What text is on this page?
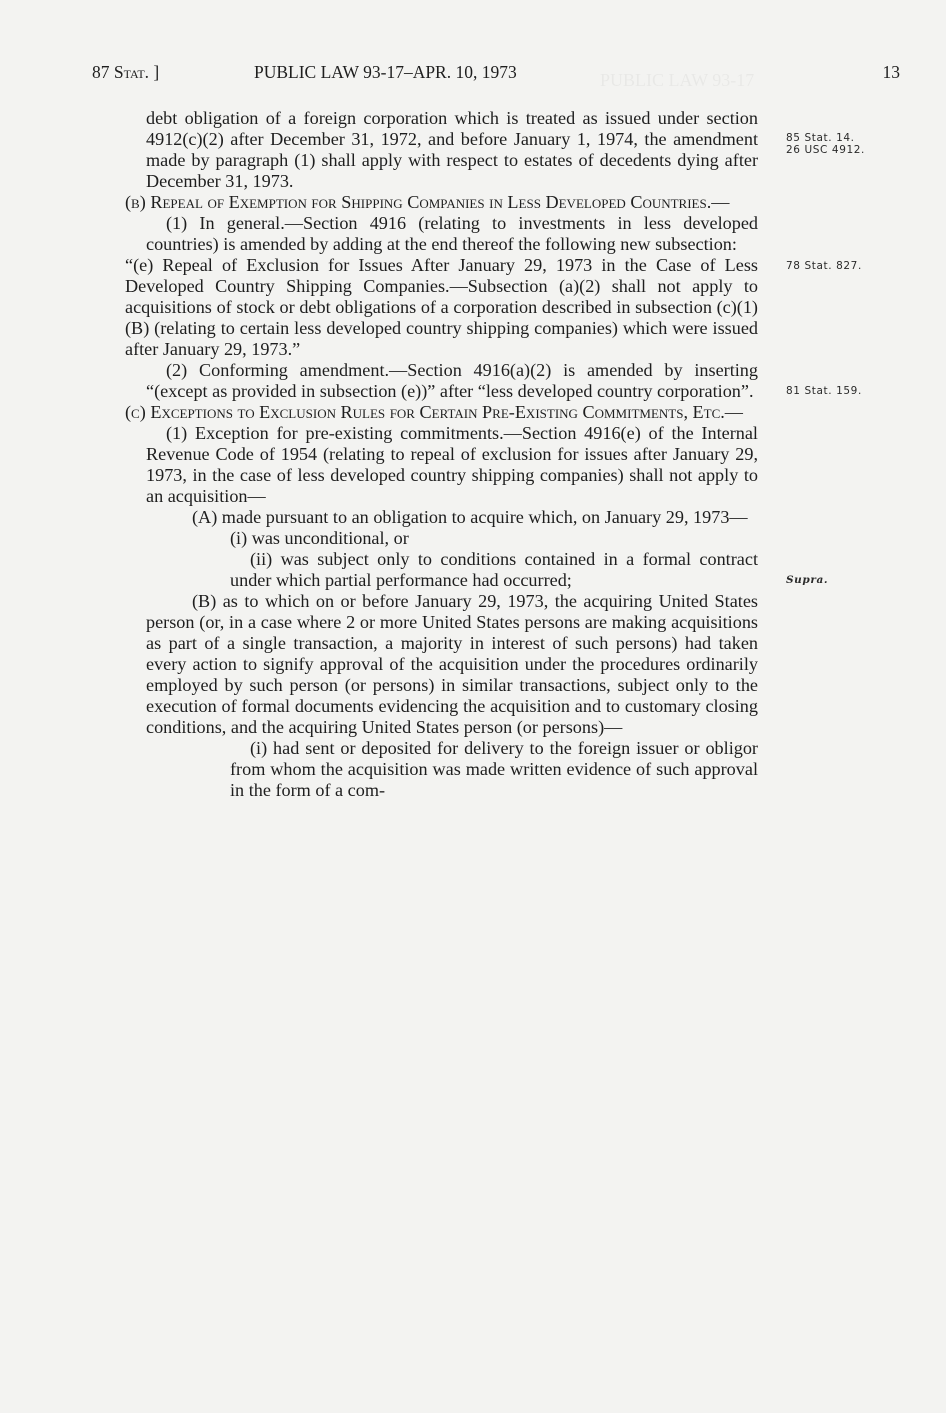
87 Stat. ]	PUBLIC LAW 93-17–APR. 10, 1973	13

debt obligation of a foreign corporation which is treated as issued under section 4912(c)(2) after December 31, 1972, and before January 1, 1974, the amendment made by paragraph (1) shall apply with respect to estates of decedents dying after December 31, 1973.

(b) Repeal of Exemption for Shipping Companies in Less Developed Countries.—

(1) In general.—Section 4916 (relating to investments in less developed countries) is amended by adding at the end thereof the following new subsection:

“(e) Repeal of Exclusion for Issues After January 29, 1973 in the Case of Less Developed Country Shipping Companies.—Subsection (a)(2) shall not apply to acquisitions of stock or debt obligations of a corporation described in subsection (c)(1)(B) (relating to certain less developed country shipping companies) which were issued after January 29, 1973.”

(2) Conforming amendment.—Section 4916(a)(2) is amended by inserting “(except as provided in subsection (e))” after “less developed country corporation”.

(c) Exceptions to Exclusion Rules for Certain Pre-Existing Commitments, Etc.—

(1) Exception for pre-existing commitments.—Section 4916(e) of the Internal Revenue Code of 1954 (relating to repeal of exclusion for issues after January 29, 1973, in the case of less developed country shipping companies) shall not apply to an acquisition—

(A) made pursuant to an obligation to acquire which, on January 29, 1973—

(i) was unconditional, or

(ii) was subject only to conditions contained in a formal contract under which partial performance had occurred;

(B) as to which on or before January 29, 1973, the acquiring United States person (or, in a case where 2 or more United States persons are making acquisitions as part of a single transaction, a majority in interest of such persons) had taken every action to signify approval of the acquisition under the procedures ordinarily employed by such person (or persons) in similar transactions, subject only to the execution of formal documents evidencing the acquisition and to customary closing conditions, and the acquiring United States person (or persons)—

(i) had sent or deposited for delivery to the foreign issuer or obligor from whom the acquisition was made written evidence of such approval in the form of a com-

85 Stat. 14.
26 USC 4912.
78 Stat. 827.
81 Stat. 159.
Supra.
